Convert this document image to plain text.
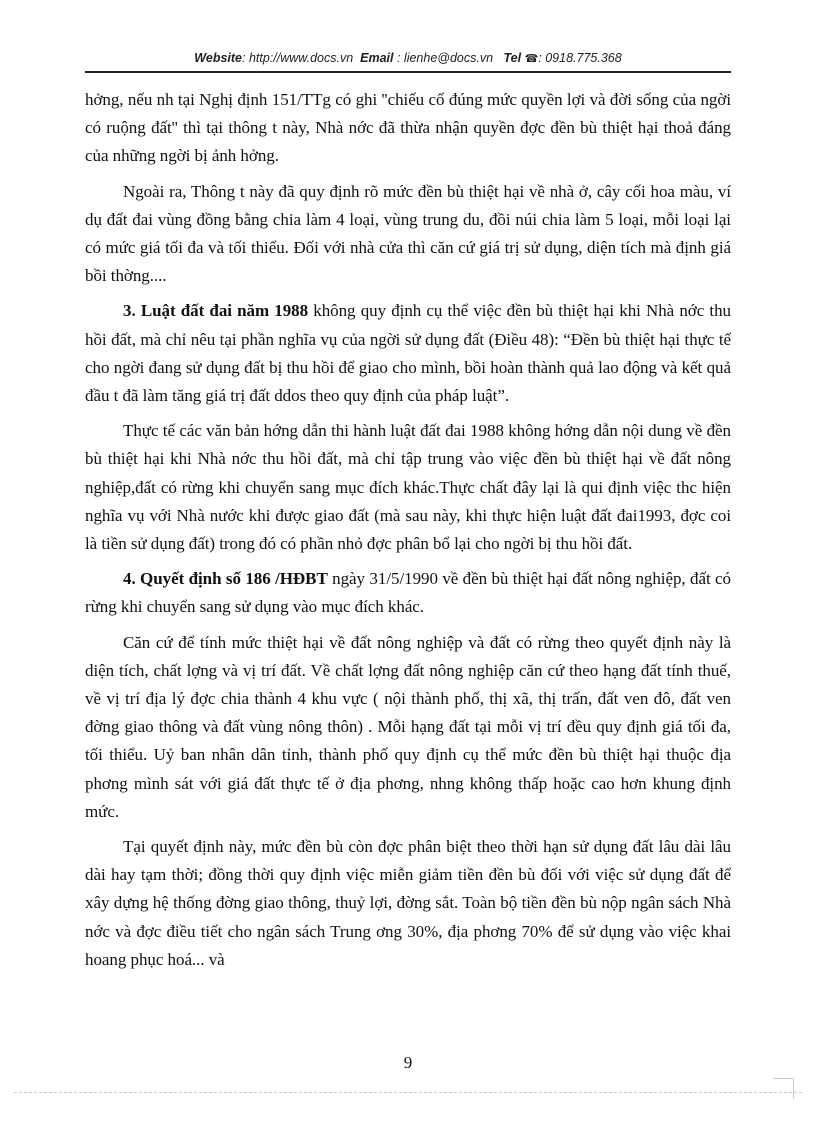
Website: http://www.docs.vn Email : lienhe@docs.vn Tel ☎: 0918.775.368

hởng, nếu nh tại Nghị định 151/TTg có ghi ''chiếu cố đúng mức quyền lợi và đời sống của ngời có ruộng đất'' thì tại thông t này, Nhà nớc đã thừa nhận quyền đợc đền bù thiệt hại thoả đáng của những ngời bị ảnh hởng.

Ngoài ra, Thông t này đã quy định rõ mức đền bù thiệt hại về nhà ở, cây cối hoa màu, ví dụ đất đai vùng đồng bằng chia làm 4 loại, vùng trung du, đồi núi chia làm 5 loại, mỗi loại lại có mức giá tối đa và tối thiểu. Đối với nhà cửa thì căn cứ giá trị sử dụng, diện tích mà định giá bồi thờng....

3. Luật đất đai năm 1988 không quy định cụ thể việc đền bù thiệt hại khi Nhà nớc thu hồi đất, mà chỉ nêu tại phần nghĩa vụ của ngời sử dụng đất (Điều 48): “Đền bù thiệt hại thực tế cho ngời đang sử dụng đất bị thu hồi để giao cho mình, bồi hoàn thành quả lao động và kết quả đầu t đã làm tăng giá trị đất ddos theo quy định của pháp luật”.

Thực tế các văn bản hớng dẫn thi hành luật đất đai 1988 không hớng dẫn nội dung về đền bù thiệt hại khi Nhà nớc thu hồi đất, mà chỉ tập trung vào việc đền bù thiệt hại về đất nông nghiệp,đất có rừng khi chuyển sang mục đích khác.Thực chất đây lại là qui định việc thc hiện nghĩa vụ với Nhà nước khi được giao đất (mà sau này, khi thực hiện luật đất đai1993, đợc coi là tiền sử dụng đất) trong đó có phần nhỏ đợc phân bổ lại cho ngời bị thu hồi đất.

4. Quyết định số 186 /HĐBT ngày 31/5/1990 về đền bù thiệt hại đất nông nghiệp, đất có rừng khi chuyển sang sử dụng vào mục đích khác.

Căn cứ để tính mức thiệt hại về đất nông nghiệp và đất có rừng theo quyết định này là diện tích, chất lợng và vị trí đất. Về chất lợng đất nông nghiệp căn cứ theo hạng đất tính thuế, về vị trí địa lý đợc chia thành 4 khu vực ( nội thành phố, thị xã, thị trấn, đất ven đô, đất ven đờng giao thông và đất vùng nông thôn) . Mỗi hạng đất tại mỗi vị trí đều quy định giá tối đa, tối thiểu. Uỷ ban nhân dân tỉnh, thành phố quy định cụ thể mức đền bù thiệt hại thuộc địa phơng mình sát với giá đất thực tế ở địa phơng, nhng không thấp hoặc cao hơn khung định mức.

Tại quyết định này, mức đền bù còn đợc phân biệt theo thời hạn sử dụng đất lâu dài lâu dài hay tạm thời; đồng thời quy định việc miễn giảm tiền đền bù đối với việc sử dụng đất để xây dựng hệ thống đờng giao thông, thuỷ lợi, đờng sắt. Toàn bộ tiền đền bù nộp ngân sách Nhà nớc và đợc điều tiết cho ngân sách Trung ơng 30%, địa phơng 70% để sử dụng vào việc khai hoang phục hoá... và

9
